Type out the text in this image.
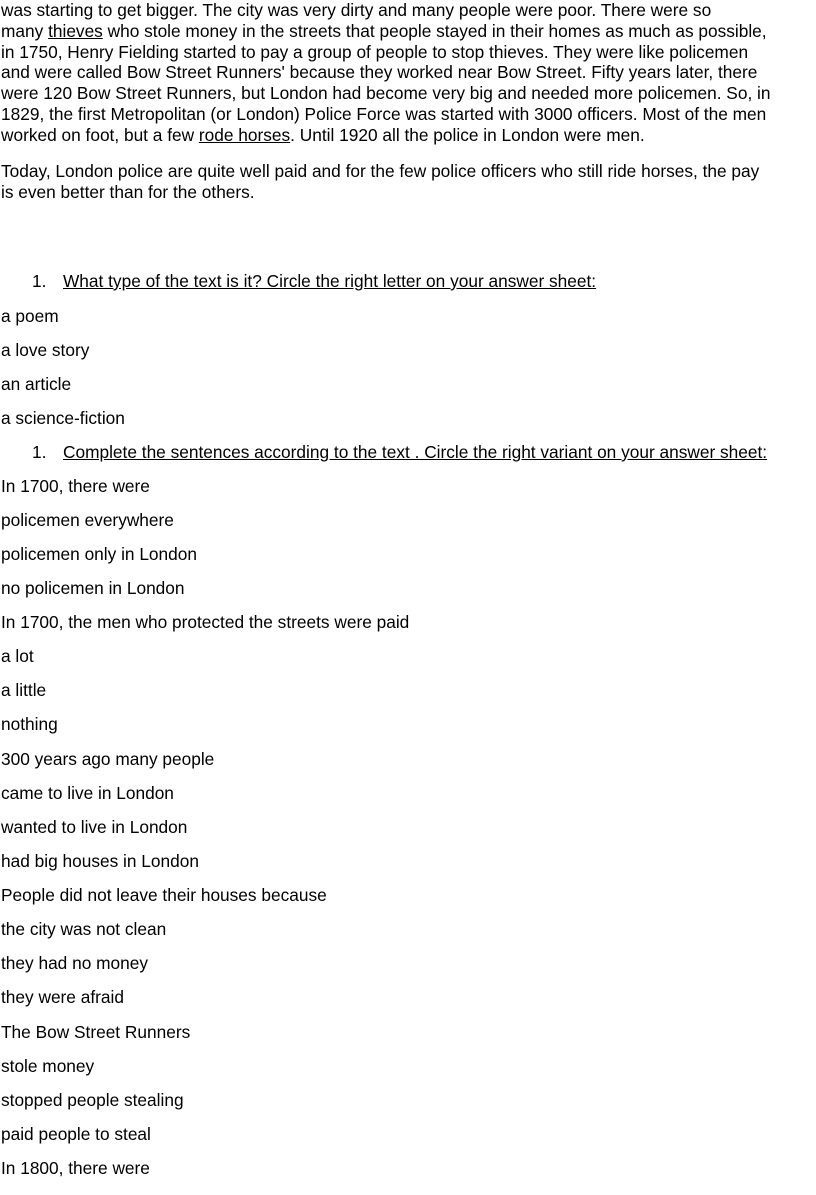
was starting to get bigger. The city was very dirty and many people were poor. There were so
many thieves who stole money in the streets that people stayed in their homes as much as possible,
in 1750, Henry Fielding started to pay a group of people to stop thieves. They were like policemen
and were called Bow Street Runners' because they worked near Bow Street. Fifty years later, there
were 120 Bow Street Runners, but London had become very big and needed more policemen. So, in
1829, the first Metropolitan (or London) Police Force was started with 3000 officers. Most of the men
worked on foot, but a few rode horses. Until 1920 all the police in London were men.
Today, London police are quite well paid and for the few police officers who still ride horses, the pay
is even better than for the others.
1. What type of the text is it? Circle the right letter on your answer sheet:
a poem
a love story
an article
a science-fiction
1. Complete the sentences according to the text . Circle the right variant on your answer sheet:
In 1700, there were
policemen everywhere
policemen only in London
no policemen in London
In 1700, the men who protected the streets were paid
a lot
a little
nothing
300 years ago many people
came to live in London
wanted to live in London
had big houses in London
People did not leave their houses because
the city was not clean
they had no money
they were afraid
The Bow Street Runners
stole money
stopped people stealing
paid people to steal
In 1800, there were
